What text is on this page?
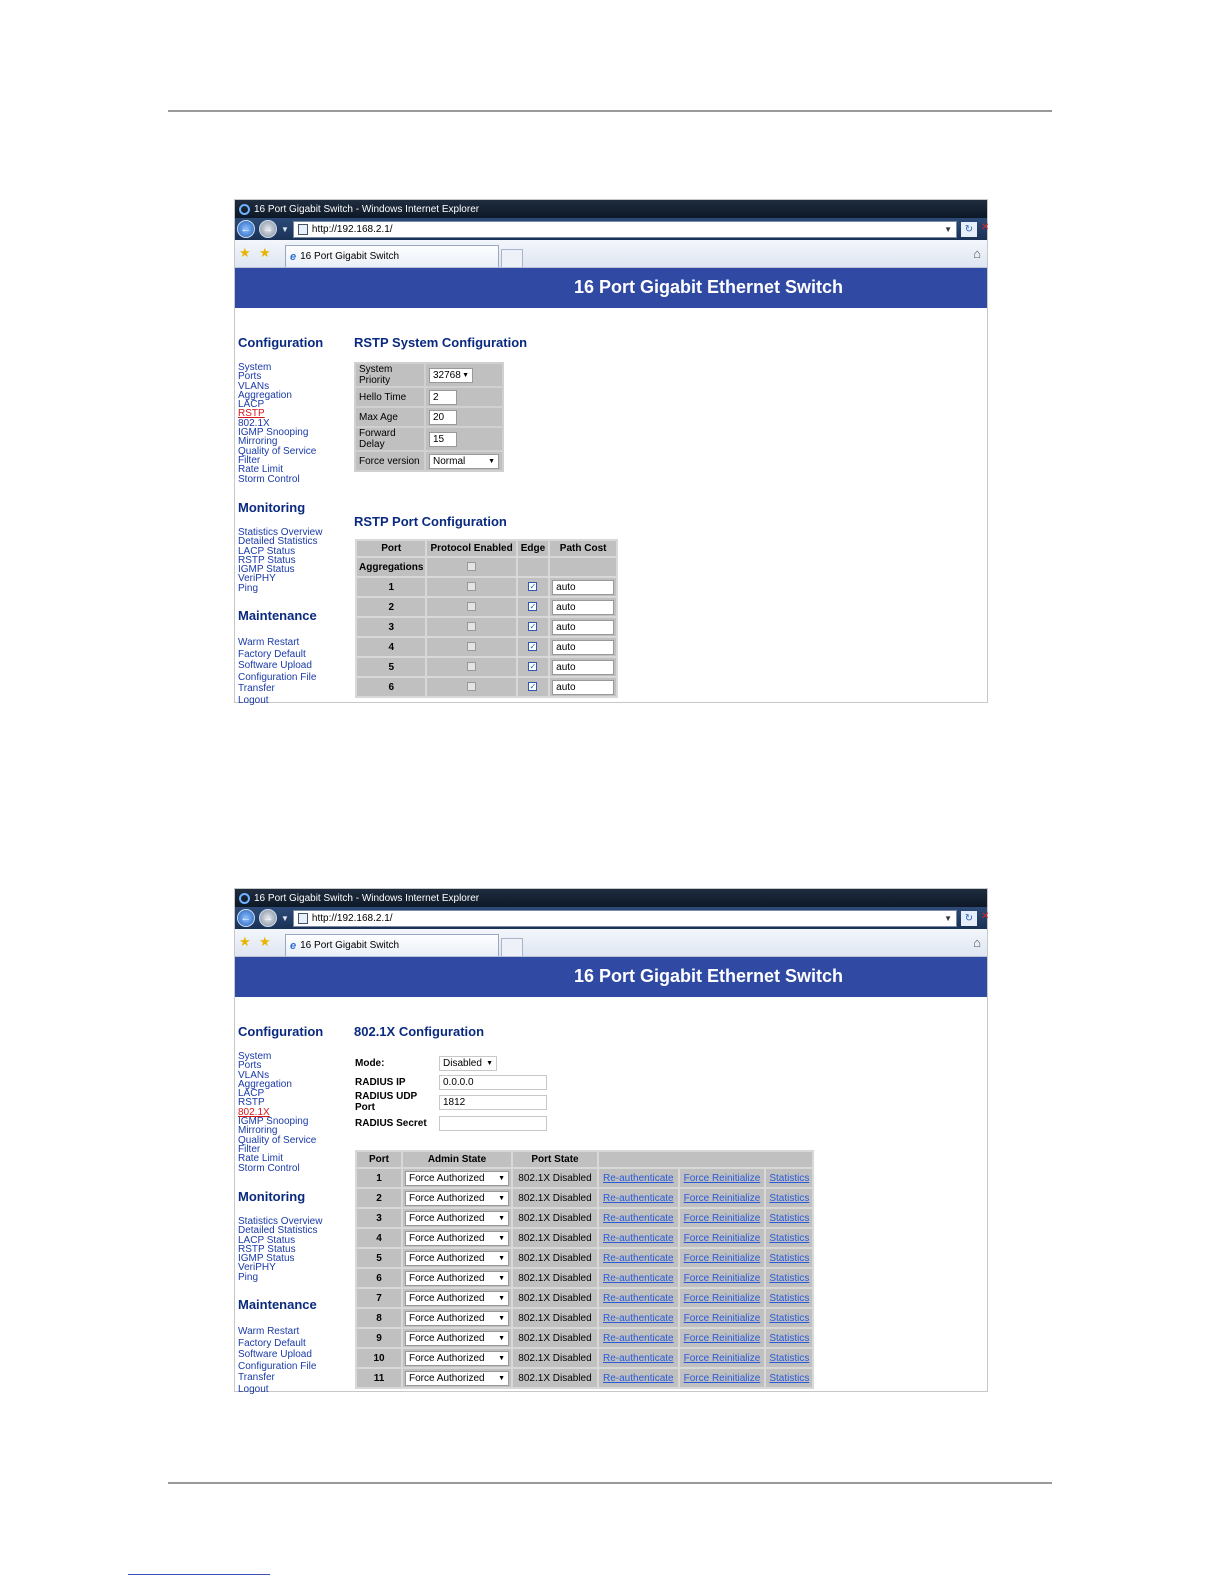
16 Port Gigabit Switch - Windows Internet Explorer
←	→ ▼ http://192.168.2.1/	▼	↻ ✕
★ ★ e 16 Port Gigabit Switch	⌂
16 Port Gigabit Ethernet Switch
Configuration
System
Ports
VLANs
Aggregation
LACP
RSTP
802.1X
IGMP Snooping
Mirroring
Quality of Service
Filter
Rate Limit
Storm Control
Monitoring
Statistics Overview
Detailed Statistics
LACP Status
RSTP Status
IGMP Status
VeriPHY
Ping
Maintenance
Warm Restart
Factory Default
Software Upload
Configuration File Transfer
Logout
RSTP System Configuration
System Priority	32768 ▼

Hello Time	2

Max Age	20

Forward Delay	15

Force version	Normal ▼
RSTP Port Configuration
Port	Protocol Enabled	Edge	Path Cost
Aggregations			
1		✓	auto

2		✓	auto

3		✓	auto

4		✓	auto

5		✓	auto

6		✓	auto
16 Port Gigabit Switch - Windows Internet Explorer
←	→ ▼ http://192.168.2.1/	▼	↻ ✕
★ ★ e 16 Port Gigabit Switch	⌂
16 Port Gigabit Ethernet Switch
Configuration
System
Ports
VLANs
Aggregation
LACP
RSTP
802.1X
IGMP Snooping
Mirroring
Quality of Service
Filter
Rate Limit
Storm Control
Monitoring
Statistics Overview
Detailed Statistics
LACP Status
RSTP Status
IGMP Status
VeriPHY
Ping
Maintenance
Warm Restart
Factory Default
Software Upload
Configuration File Transfer
Logout
802.1X Configuration
Mode:	Disabled ▼
RADIUS IP	0.0.0.0
RADIUS UDP Port	1812
RADIUS Secret
Port	Admin State	Port State			
1	Force Authorized ▼	802.1X Disabled	Re-authenticate	Force Reinitialize	Statistics
2	Force Authorized ▼	802.1X Disabled	Re-authenticate	Force Reinitialize	Statistics
3	Force Authorized ▼	802.1X Disabled	Re-authenticate	Force Reinitialize	Statistics
4	Force Authorized ▼	802.1X Disabled	Re-authenticate	Force Reinitialize	Statistics
5	Force Authorized ▼	802.1X Disabled	Re-authenticate	Force Reinitialize	Statistics
6	Force Authorized ▼	802.1X Disabled	Re-authenticate	Force Reinitialize	Statistics
7	Force Authorized ▼	802.1X Disabled	Re-authenticate	Force Reinitialize	Statistics
8	Force Authorized ▼	802.1X Disabled	Re-authenticate	Force Reinitialize	Statistics
9	Force Authorized ▼	802.1X Disabled	Re-authenticate	Force Reinitialize	Statistics
10	Force Authorized ▼	802.1X Disabled	Re-authenticate	Force Reinitialize	Statistics
11	Force Authorized ▼	802.1X Disabled	Re-authenticate	Force Reinitialize	Statistics
